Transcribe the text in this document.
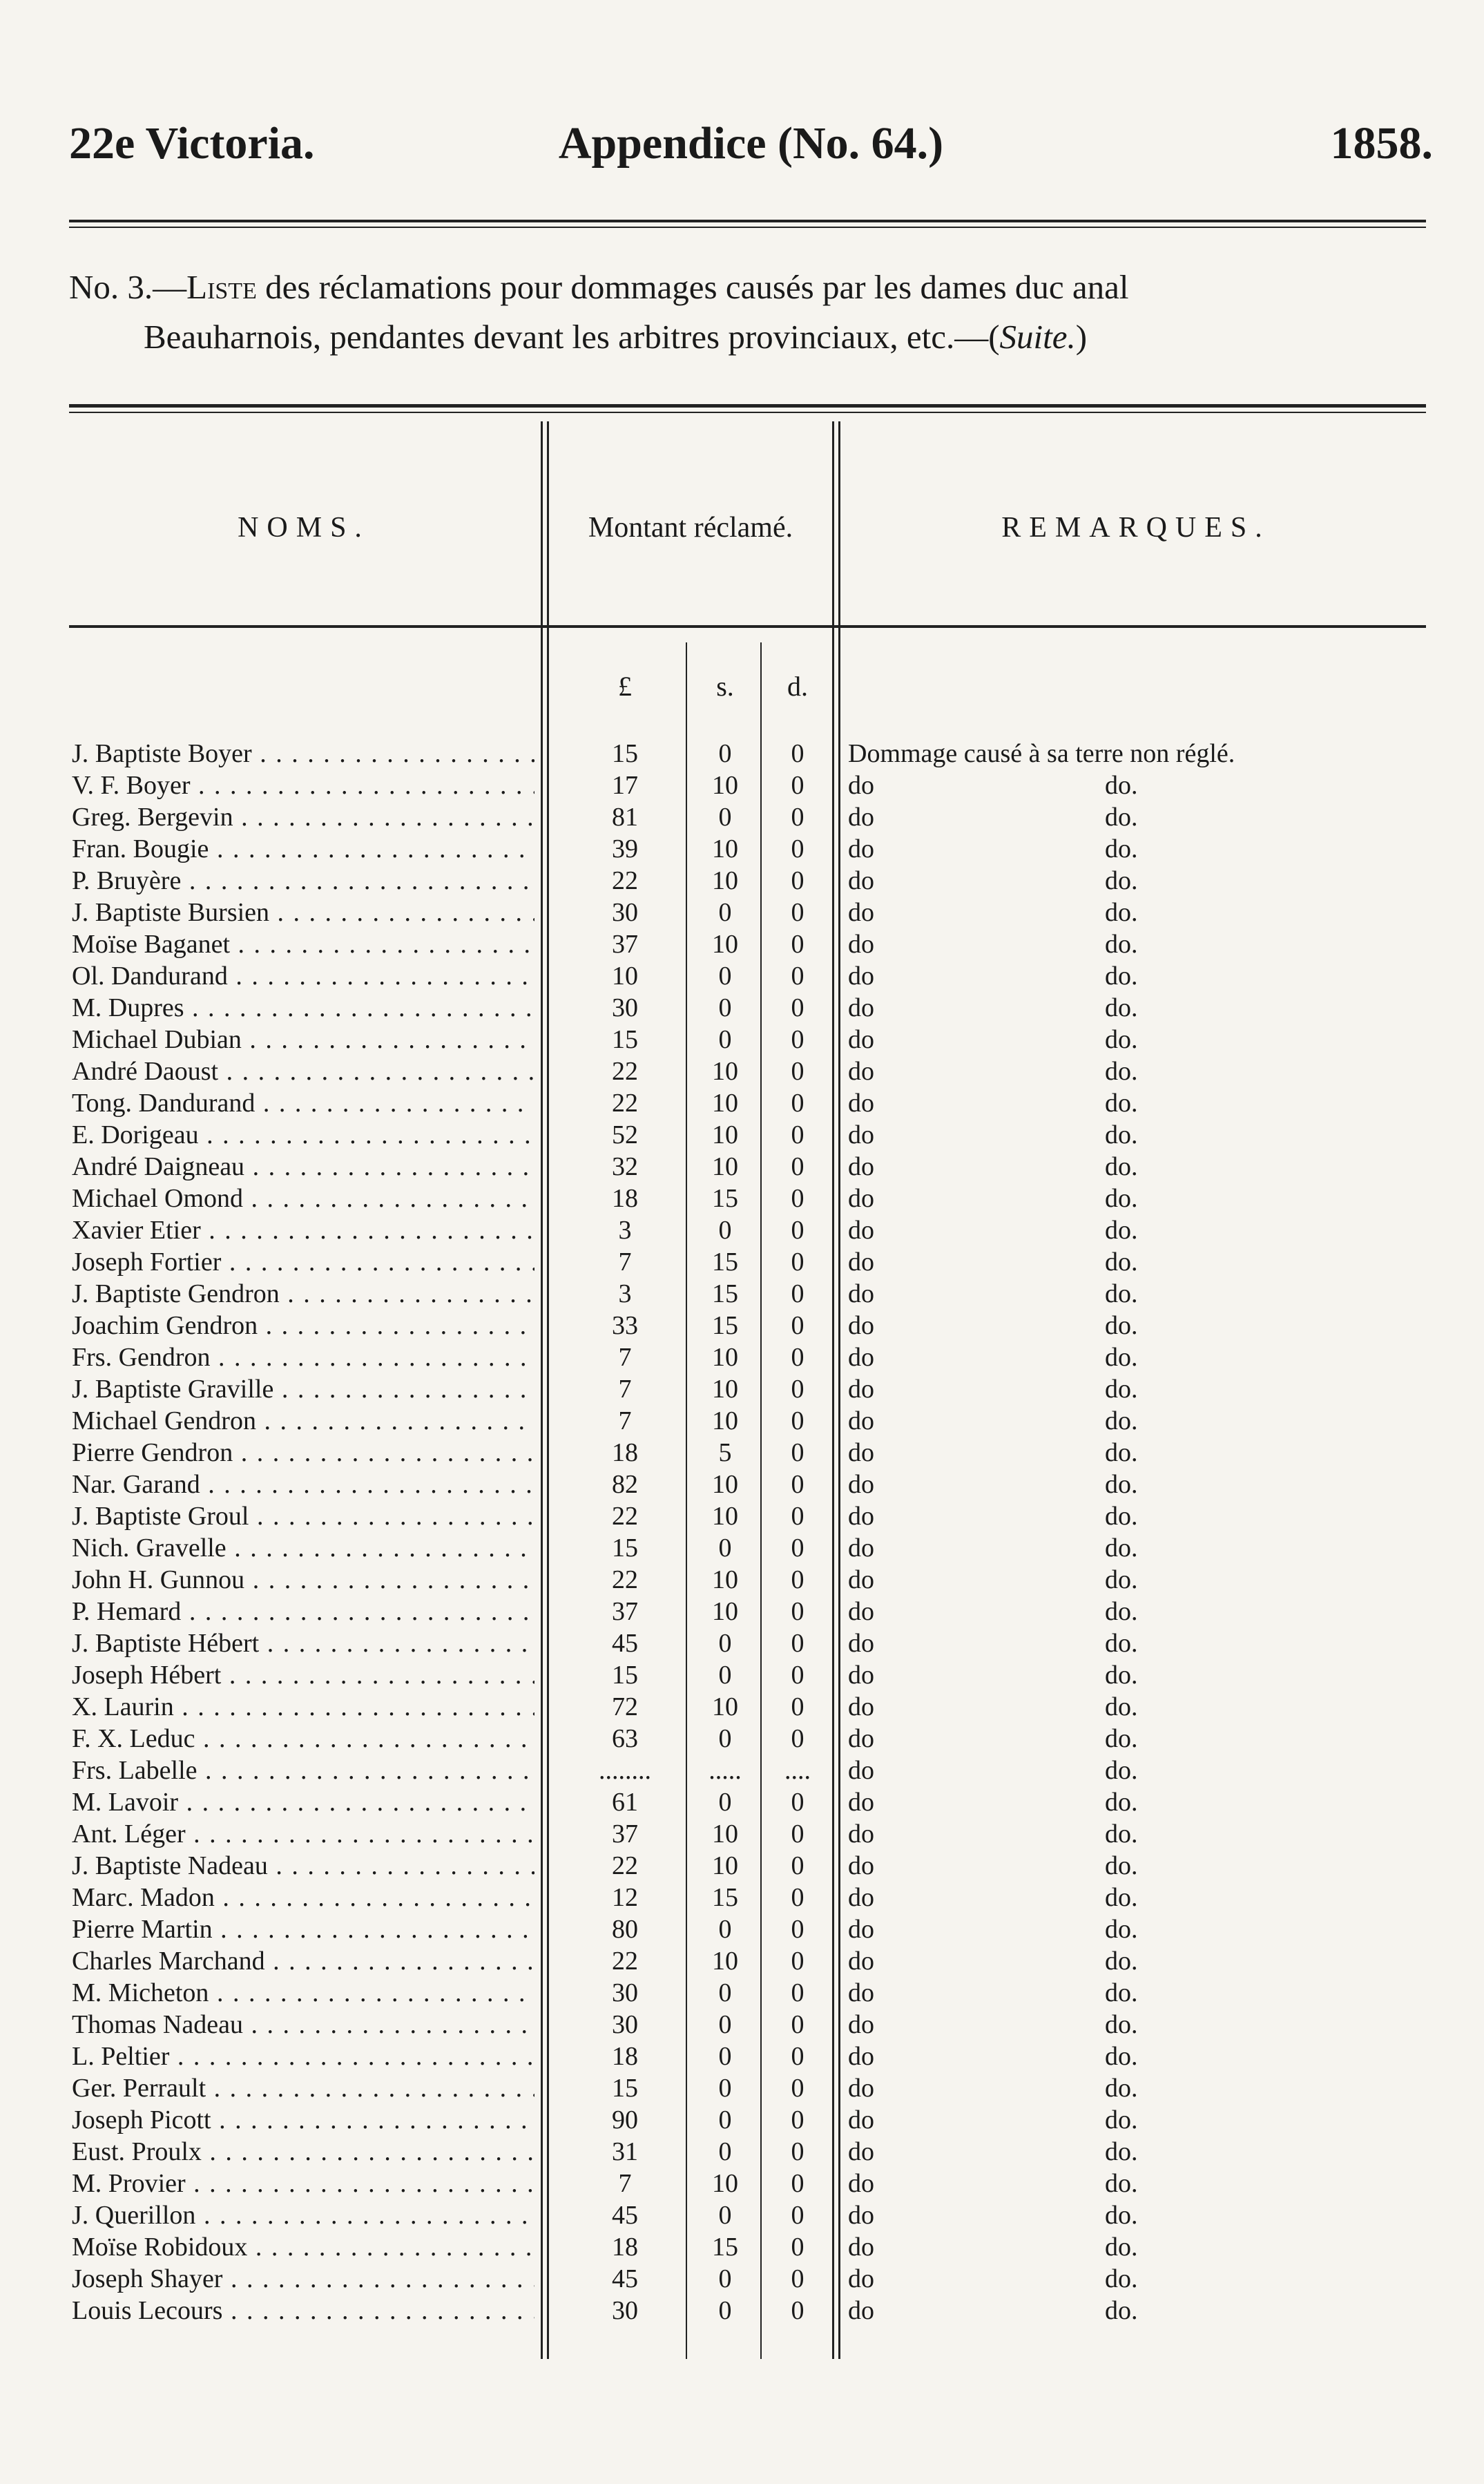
22e Victoria.	Appendice (No. 64.)	1858.
No. 3.—Liste des réclamations pour dommages causés par les dames duc anal
Beauharnois, pendantes devant les arbitres provinciaux, etc.—(Suite.)
NOMS.	Montant réclamé.	REMARQUES.
£	s.	d.
J. Baptiste Boyer . . .	15	0	0	Dommage causé à sa terre non réglé.
V. F. Boyer . . .	17	10	0	do	do.
Greg. Bergevin . . .	81	0	0	do	do.
Fran. Bougie . . .	39	10	0	do	do.
P. Bruyère . . .	22	10	0	do	do.
J. Baptiste Bursien . . .	30	0	0	do	do.
Moïse Baganet . . .	37	10	0	do	do.
Ol. Dandurand . . .	10	0	0	do	do.
M. Dupres . . .	30	0	0	do	do.
Michael Dubian . . .	15	0	0	do	do.
André Daoust . . .	22	10	0	do	do.
Tong. Dandurand . . .	22	10	0	do	do.
E. Dorigeau . . .	52	10	0	do	do.
André Daigneau . . .	32	10	0	do	do.
Michael Omond . . .	18	15	0	do	do.
Xavier Etier . . .	3	0	0	do	do.
Joseph Fortier . . .	7	15	0	do	do.
J. Baptiste Gendron . . .	3	15	0	do	do.
Joachim Gendron . . .	33	15	0	do	do.
Frs. Gendron . . .	7	10	0	do	do.
J. Baptiste Graville . . .	7	10	0	do	do.
Michael Gendron . . .	7	10	0	do	do.
Pierre Gendron . . .	18	5	0	do	do.
Nar. Garand . . .	82	10	0	do	do.
J. Baptiste Groul . . .	22	10	0	do	do.
Nich. Gravelle . . .	15	0	0	do	do.
John H. Gunnou . . .	22	10	0	do	do.
P. Hemard . . .	37	10	0	do	do.
J. Baptiste Hébert . . .	45	0	0	do	do.
Joseph Hébert . . .	15	0	0	do	do.
X. Laurin . . .	72	10	0	do	do.
F. X. Leduc . . .	63	0	0	do	do.
Frs. Labelle . . .	........	.....	....	do	do.
M. Lavoir . . .	61	0	0	do	do.
Ant. Léger . . .	37	10	0	do	do.
J. Baptiste Nadeau . . .	22	10	0	do	do.
Marc. Madon . . .	12	15	0	do	do.
Pierre Martin . . .	80	0	0	do	do.
Charles Marchand . . .	22	10	0	do	do.
M. Micheton . . .	30	0	0	do	do.
Thomas Nadeau . . .	30	0	0	do	do.
L. Peltier . . .	18	0	0	do	do.
Ger. Perrault . . .	15	0	0	do	do.
Joseph Picott . . .	90	0	0	do	do.
Eust. Proulx . . .	31	0	0	do	do.
M. Provier . . .	7	10	0	do	do.
J. Querillon . . .	45	0	0	do	do.
Moïse Robidoux . . .	18	15	0	do	do.
Joseph Shayer . . .	45	0	0	do	do.
Louis Lecours . . .	30	0	0	do	do.
